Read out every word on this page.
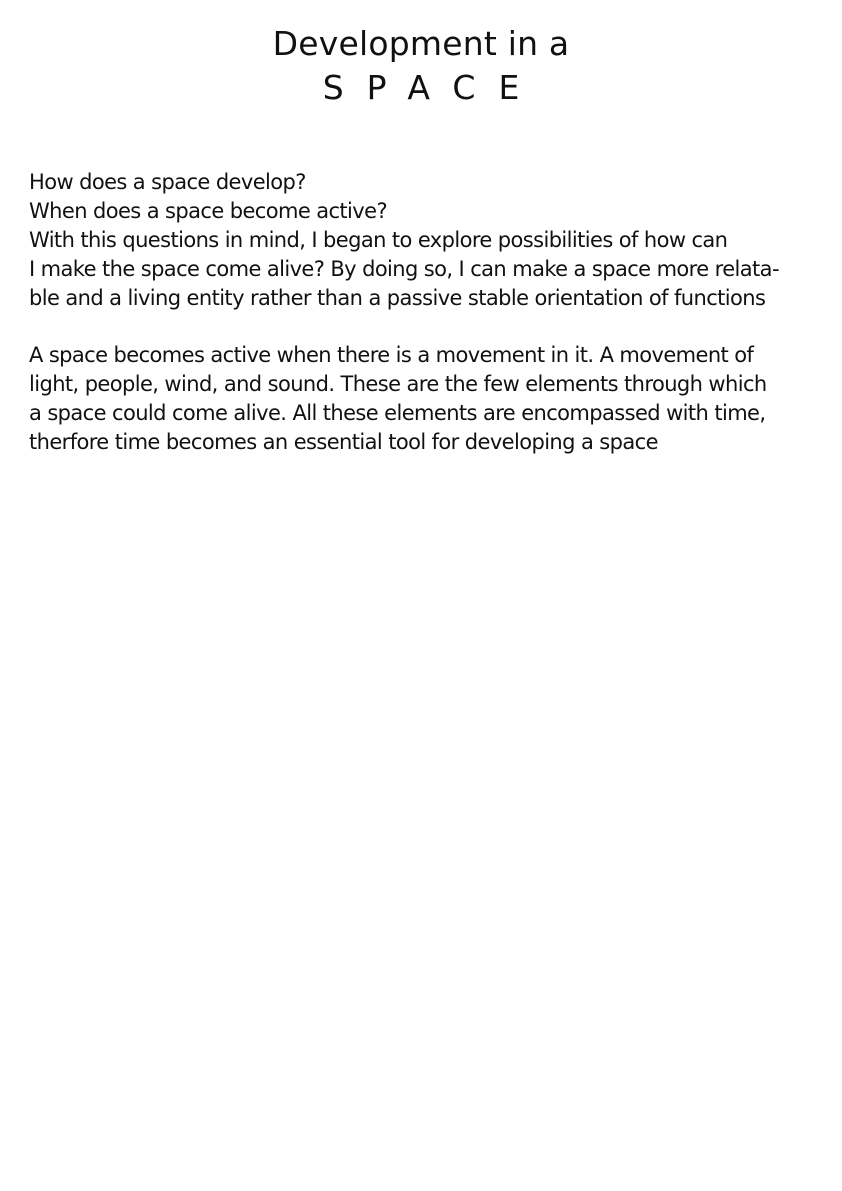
Development in a
SPACE

How does a space develop?
When does a space become active?
With this questions in mind, I began to explore possibilities of how can
I make the space come alive? By doing so, I can make a space more relata-
ble and a living entity rather than a passive stable orientation of functions

A space becomes active when there is a movement in it. A movement of
light, people, wind, and sound. These are the few elements through which
a space could come alive. All these elements are encompassed with time,
therfore time becomes an essential tool for developing a space
